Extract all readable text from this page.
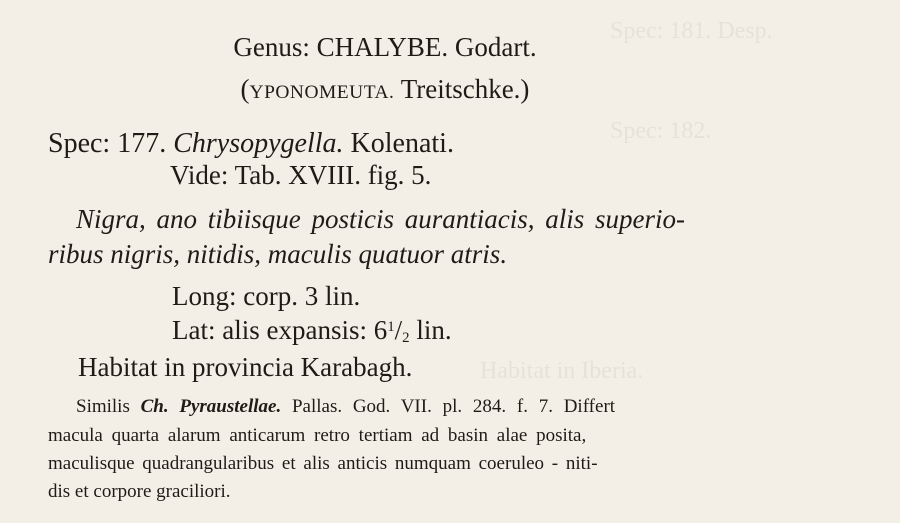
Spec: 181. Desp.
Spec: 182.
Habitat in Iberia.
Genus: CHALYBE. Godart.
(YPONOMEUTA. Treitschke.)
Spec: 177. Chrysopygella. Kolenati.
Vide: Tab. XVIII. fig. 5.
Nigra, ano tibiisque posticis aurantiacis, alis superio-
ribus nigris, nitidis, maculis quatuor atris.
Long: corp. 3 lin.
Lat: alis expansis: $6^1/_2$ lin.
Habitat in provincia Karabagh.
Similis Ch. Pyraustellae. Pallas. God. VII. pl. 284. f. 7. Differt
macula quarta alarum anticarum retro tertiam ad basin alae posita,
maculisque quadrangularibus et alis anticis numquam coeruleo - niti-
dis et corpore graciliori.
